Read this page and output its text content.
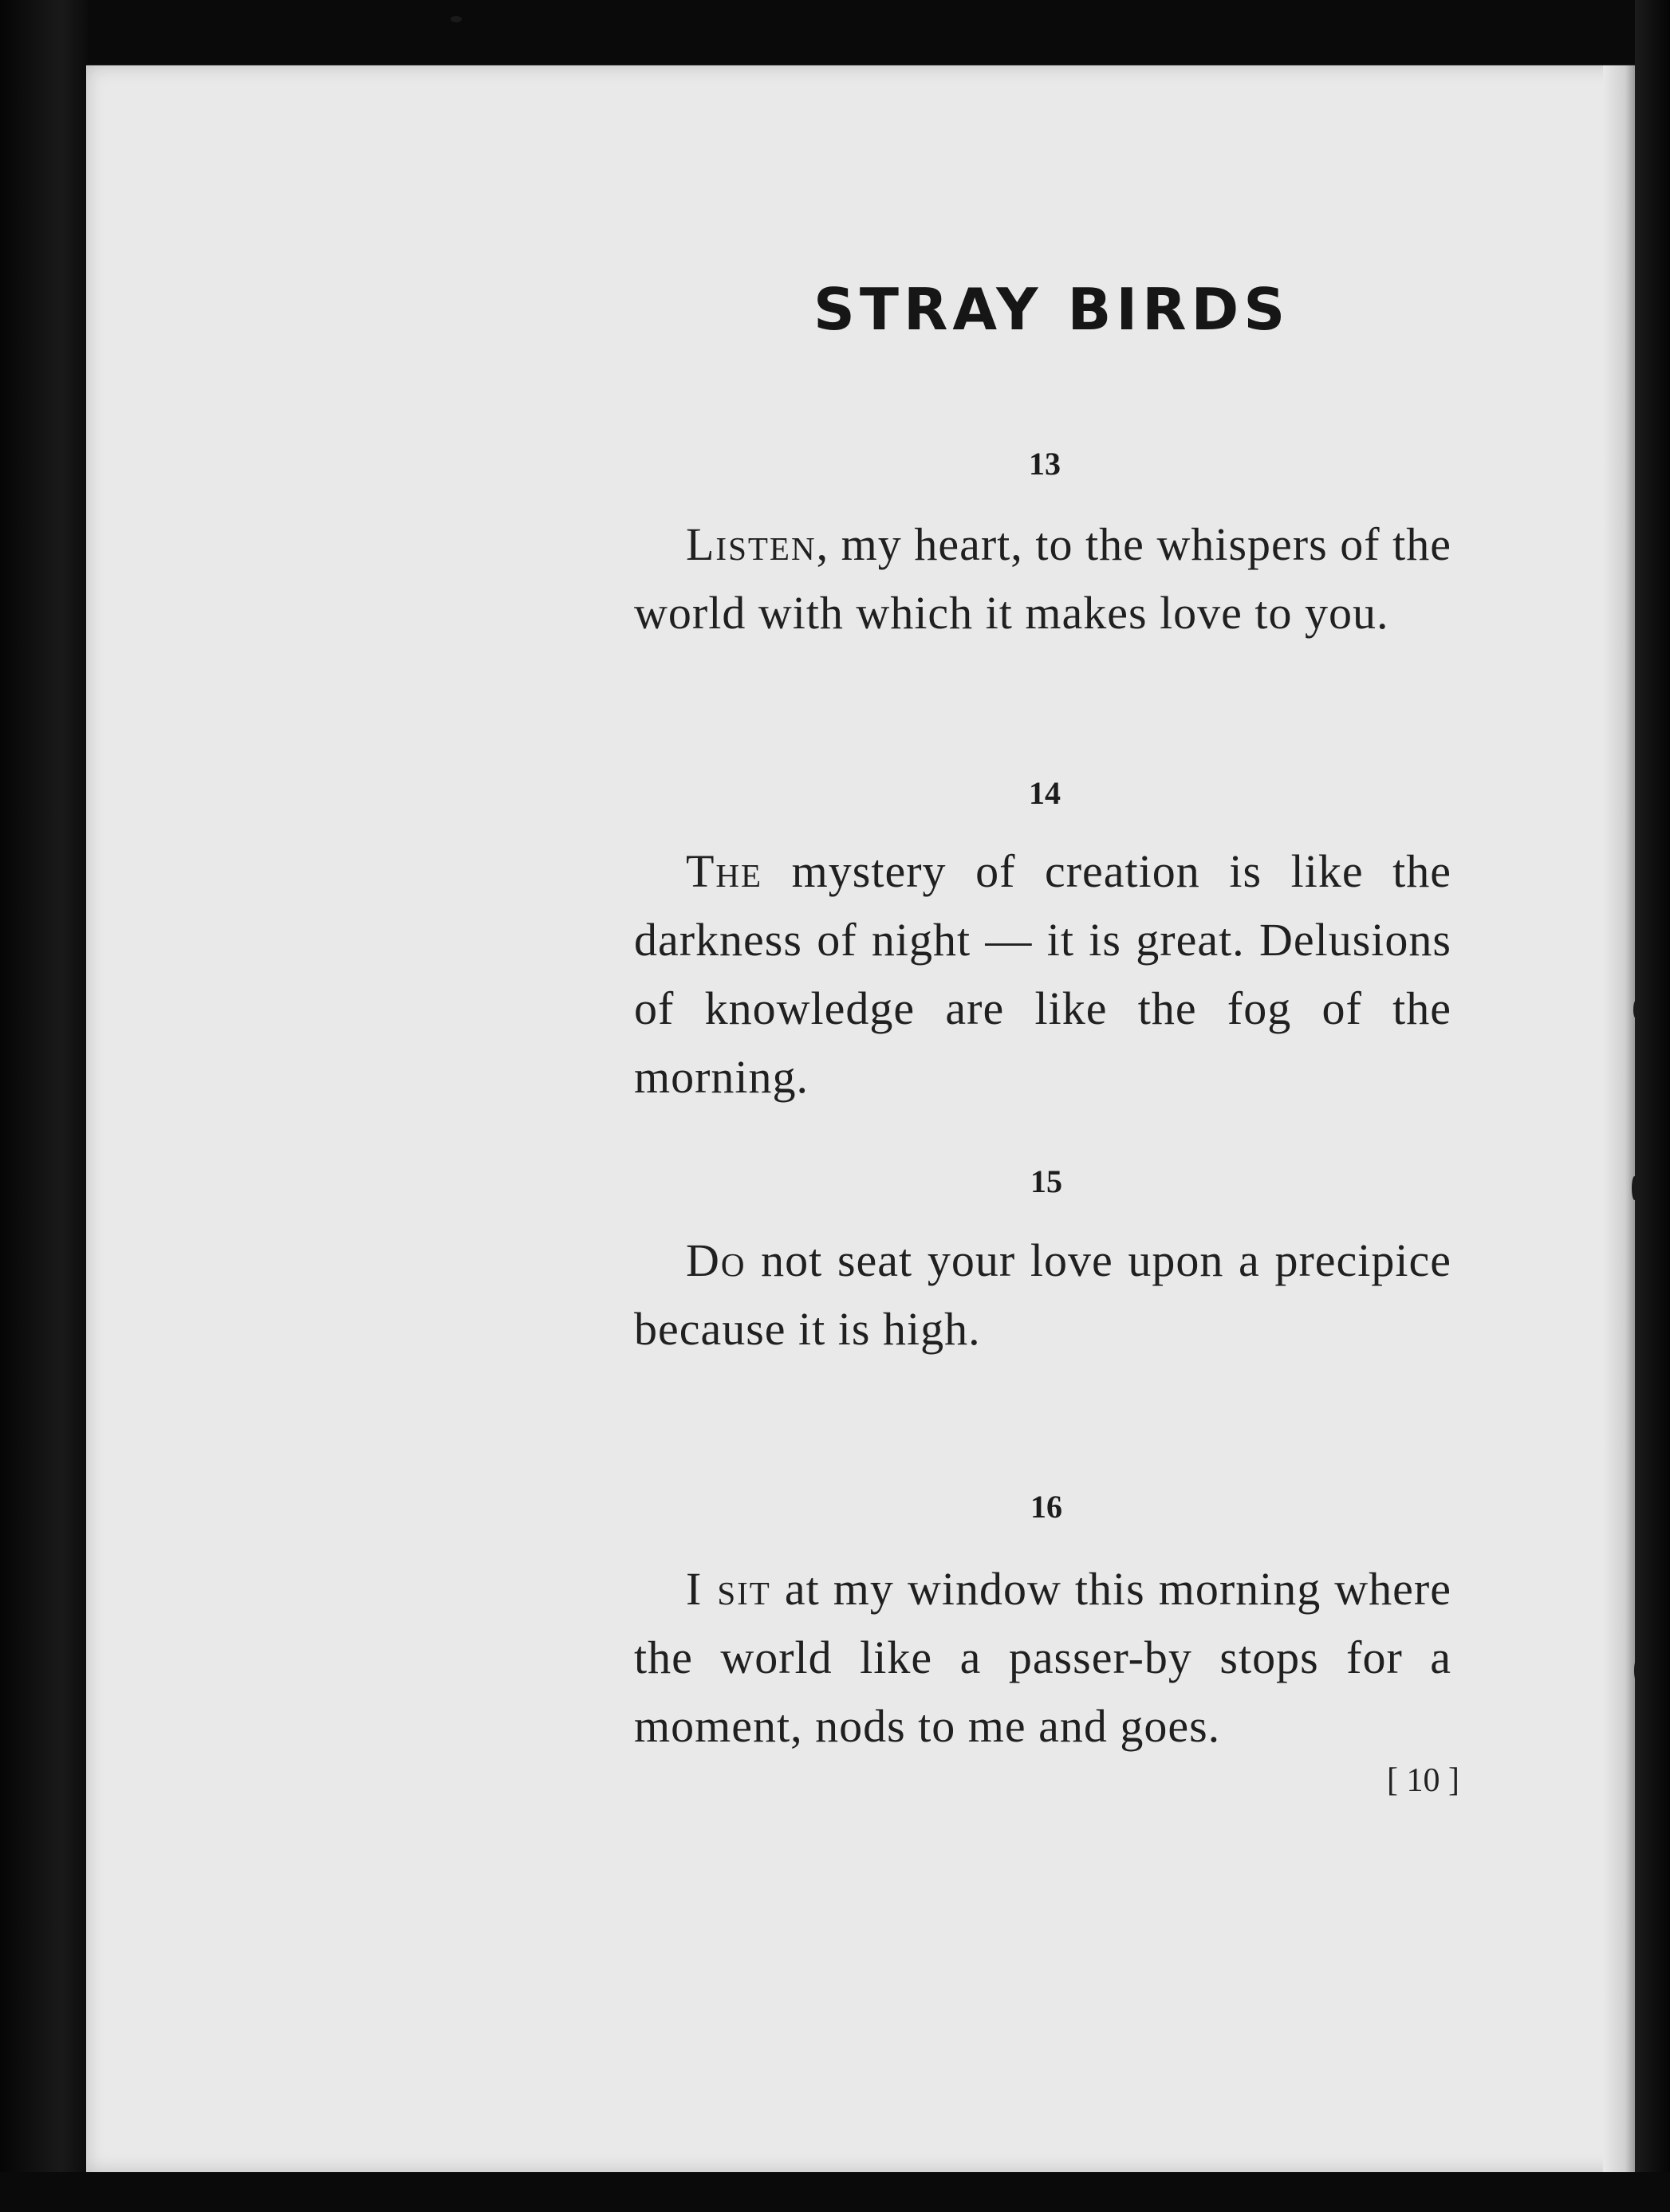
STRAY BIRDS

13

Listen, my heart, to the whispers of the world with which it makes love to you.

14

The mystery of creation is like the darkness of night — it is great. Delusions of knowledge are like the fog of the morning.

15

Do not seat your love upon a precipice because it is high.

16

I sit at my window this morning where the world like a passer-by stops for a moment, nods to me and goes.

[ 10 ]
